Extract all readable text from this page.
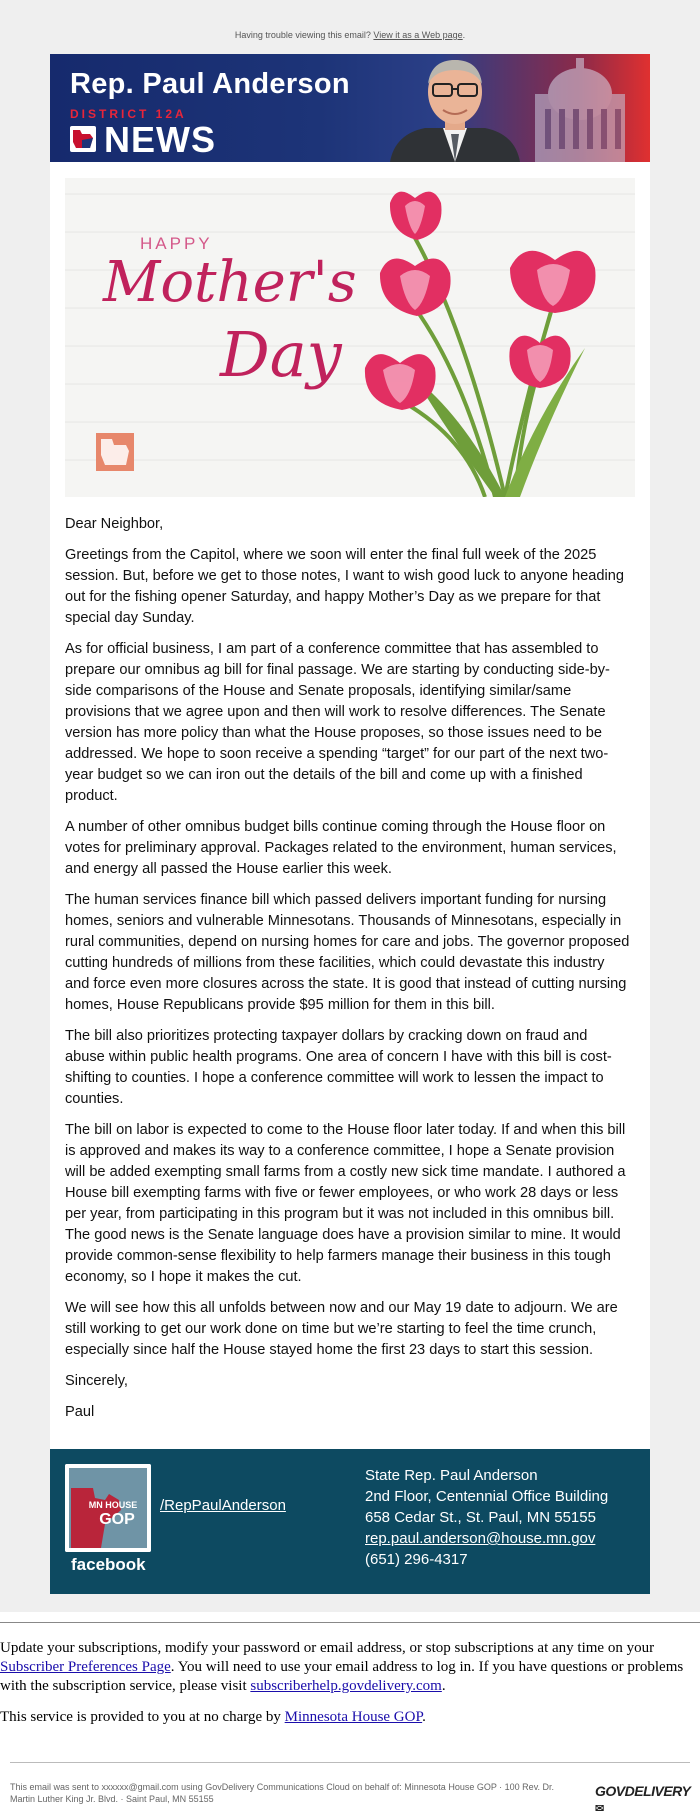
Having trouble viewing this email? View it as a Web page.
Rep. Paul Anderson
DISTRICT 12A
NEWS
HAPPY
Mother's
Day

Dear Neighbor,

Greetings from the Capitol, where we soon will enter the final full week of the 2025 session. But, before we get to those notes, I want to wish good luck to anyone heading out for the fishing opener Saturday, and happy Mother’s Day as we prepare for that special day Sunday.

As for official business, I am part of a conference committee that has assembled to prepare our omnibus ag bill for final passage. We are starting by conducting side-by-side comparisons of the House and Senate proposals, identifying similar/same provisions that we agree upon and then will work to resolve differences. The Senate version has more policy than what the House proposes, so those issues need to be addressed. We hope to soon receive a spending “target” for our part of the next two-year budget so we can iron out the details of the bill and come up with a finished product.

A number of other omnibus budget bills continue coming through the House floor on votes for preliminary approval. Packages related to the environment, human services, and energy all passed the House earlier this week.

The human services finance bill which passed delivers important funding for nursing homes, seniors and vulnerable Minnesotans. Thousands of Minnesotans, especially in rural communities, depend on nursing homes for care and jobs. The governor proposed cutting hundreds of millions from these facilities, which could devastate this industry and force even more closures across the state. It is good that instead of cutting nursing homes, House Republicans provide $95 million for them in this bill.

The bill also prioritizes protecting taxpayer dollars by cracking down on fraud and abuse within public health programs. One area of concern I have with this bill is cost-shifting to counties. I hope a conference committee will work to lessen the impact to counties.

The bill on labor is expected to come to the House floor later today. If and when this bill is approved and makes its way to a conference committee, I hope a Senate provision will be added exempting small farms from a costly new sick time mandate. I authored a House bill exempting farms with five or fewer employees, or who work 28 days or less per year, from participating in this program but it was not included in this omnibus bill. The good news is the Senate language does have a provision similar to mine. It would provide common-sense flexibility to help farmers manage their business in this tough economy, so I hope it makes the cut.

We will see how this all unfolds between now and our May 19 date to adjourn. We are still working to get our work done on time but we’re starting to feel the time crunch, especially since half the House stayed home the first 23 days to start this session.

Sincerely,

Paul

MN HOUSE
GOP
facebook
/RepPaulAnderson
State Rep. Paul Anderson
2nd Floor, Centennial Office Building
658 Cedar St., St. Paul, MN 55155
rep.paul.anderson@house.mn.gov
(651) 296-4317
Update your subscriptions, modify your password or email address, or stop subscriptions at any time on your Subscriber Preferences Page. You will need to use your email address to log in. If you have questions or problems with the subscription service, please visit subscriberhelp.govdelivery.com.
This service is provided to you at no charge by Minnesota House GOP.
This email was sent to xxxxxx@gmail.com using GovDelivery Communications Cloud on behalf of: Minnesota House GOP · 100 Rev. Dr. Martin Luther King Jr. Blvd. · Saint Paul, MN 55155	GOVDELIVERY ✉
